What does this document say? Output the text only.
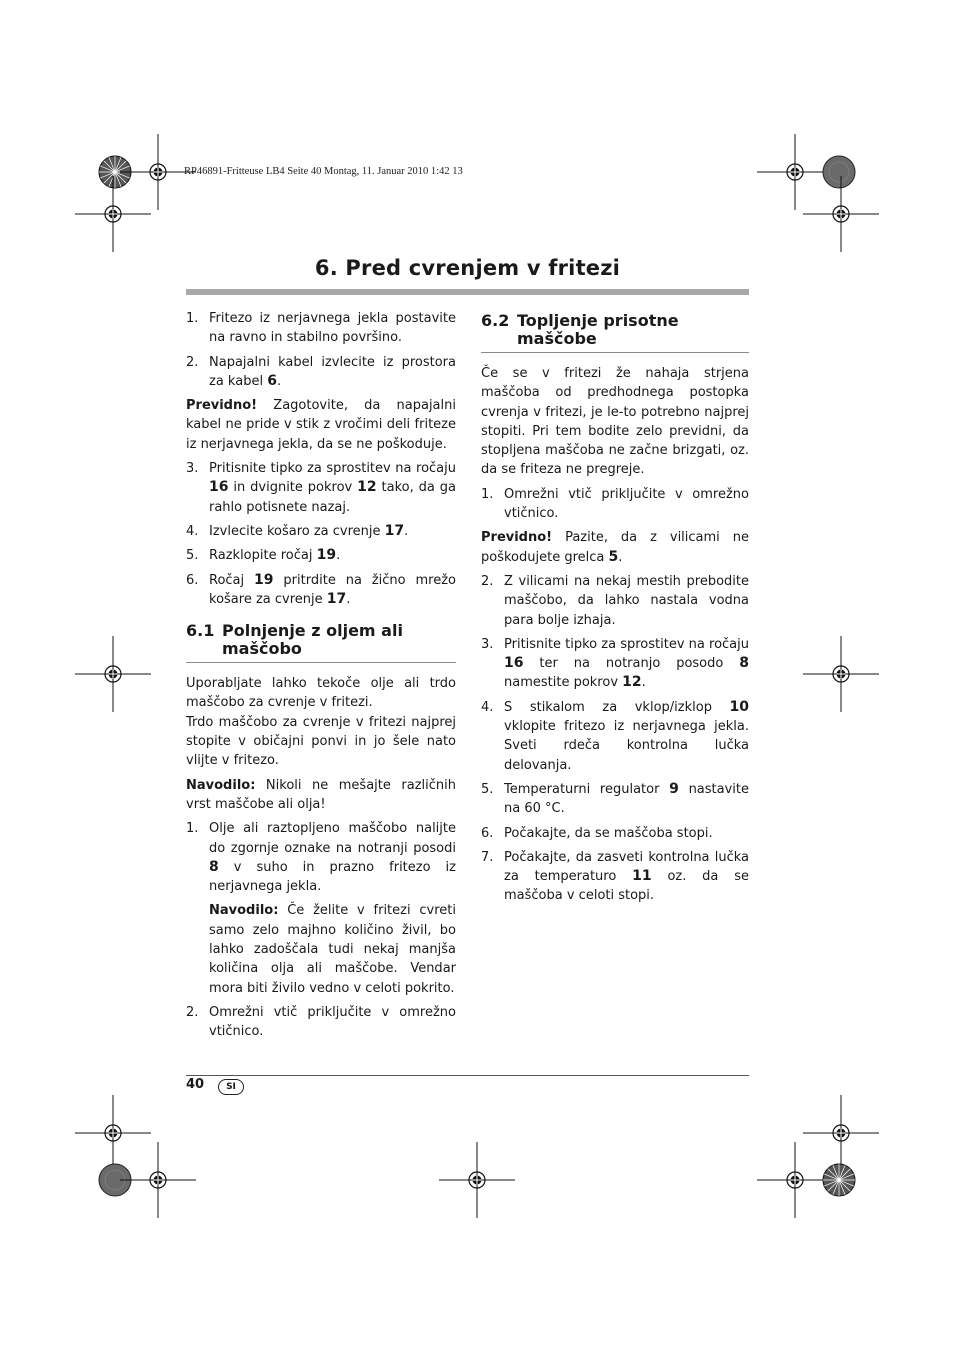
RP46891-Fritteuse LB4 Seite 40 Montag, 11. Januar 2010 1:42 13
6. Pred cvrenjem v fritezi
1. Fritezo iz nerjavnega jekla postavite na ravno in stabilno površino.
2. Napajalni kabel izvlecite iz prostora za kabel 6.

Previdno! Zagotovite, da napajalni kabel ne pride v stik z vročimi deli friteze iz nerjavnega jekla, da se ne poškoduje.

3. Pritisnite tipko za sprostitev na ročaju 16 in dvignite pokrov 12 tako, da ga rahlo potisnete nazaj.
4. Izvlecite košaro za cvrenje 17.
5. Razklopite ročaj 19.
6. Ročaj 19 pritrdite na žično mrežo košare za cvrenje 17.
6.1 Polnjenje z oljem ali
maščobo

Uporabljate lahko tekoče olje ali trdo maščobo za cvrenje v fritezi.

Trdo maščobo za cvrenje v fritezi najprej stopite v običajni ponvi in jo šele nato vlijte v fritezo.

Navodilo: Nikoli ne mešajte različnih vrst maščobe ali olja!

1. Olje ali raztopljeno maščobo nalijte do zgornje oznake na notranji posodi 8 v suho in prazno fritezo iz nerjavnega jekla.

Navodilo: Če želite v fritezi cvreti samo zelo majhno količino živil, bo lahko zadoščala tudi nekaj manjša količina olja ali maščobe. Vendar mora biti živilo vedno v celoti pokrito.

2. Omrežni vtič priključite v omrežno vtičnico.
6.2 Topljenje prisotne
maščobe

Če se v fritezi že nahaja strjena maščoba od predhodnega postopka cvrenja v fritezi, je le-to potrebno najprej stopiti. Pri tem bodite zelo previdni, da stopljena maščoba ne začne brizgati, oz. da se friteza ne pregreje.

1. Omrežni vtič priključite v omrežno vtičnico.

Previdno! Pazite, da z vilicami ne poškodujete grelca 5.

2. Z vilicami na nekaj mestih prebodite maščobo, da lahko nastala vodna para bolje izhaja.
3. Pritisnite tipko za sprostitev na ročaju 16 ter na notranjo posodo 8 namestite pokrov 12.
4. S stikalom za vklop/izklop 10 vklopite fritezo iz nerjavnega jekla. Sveti rdeča kontrolna lučka delovanja.
5. Temperaturni regulator 9 nastavite na 60 °C.
6. Počakajte, da se maščoba stopi.
7. Počakajte, da zasveti kontrolna lučka za temperaturo 11 oz. da se maščoba v celoti stopi.
40	SI
